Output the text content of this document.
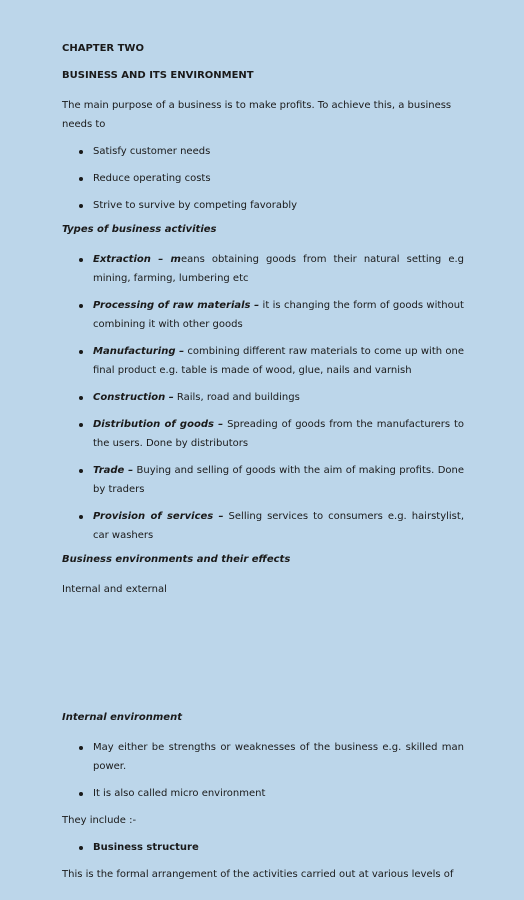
CHAPTER TWO
BUSINESS AND ITS ENVIRONMENT

The main purpose of a business is to make profits. To achieve this, a business needs to

Satisfy customer needs
Reduce operating costs
Strive to survive by competing favorably
Types of business activities
Extraction – means obtaining goods from their natural setting e.g mining, farming, lumbering etc
Processing of raw materials – it is changing the form of goods without combining it with other goods
Manufacturing – combining different raw materials to come up with one final product e.g. table is made of wood, glue, nails and varnish
Construction – Rails, road and buildings
Distribution of goods – Spreading of goods from the manufacturers to the users. Done by distributors
Trade – Buying and selling of goods with the aim of making profits. Done by traders
Provision of services – Selling services to consumers e.g. hairstylist, car washers
Business environments and their effects

Internal and external

Internal environment
May either be strengths or weaknesses of the business e.g. skilled man power.
It is also called micro environment

They include :-

Business structure

This is the formal arrangement of the activities carried out at various levels of
